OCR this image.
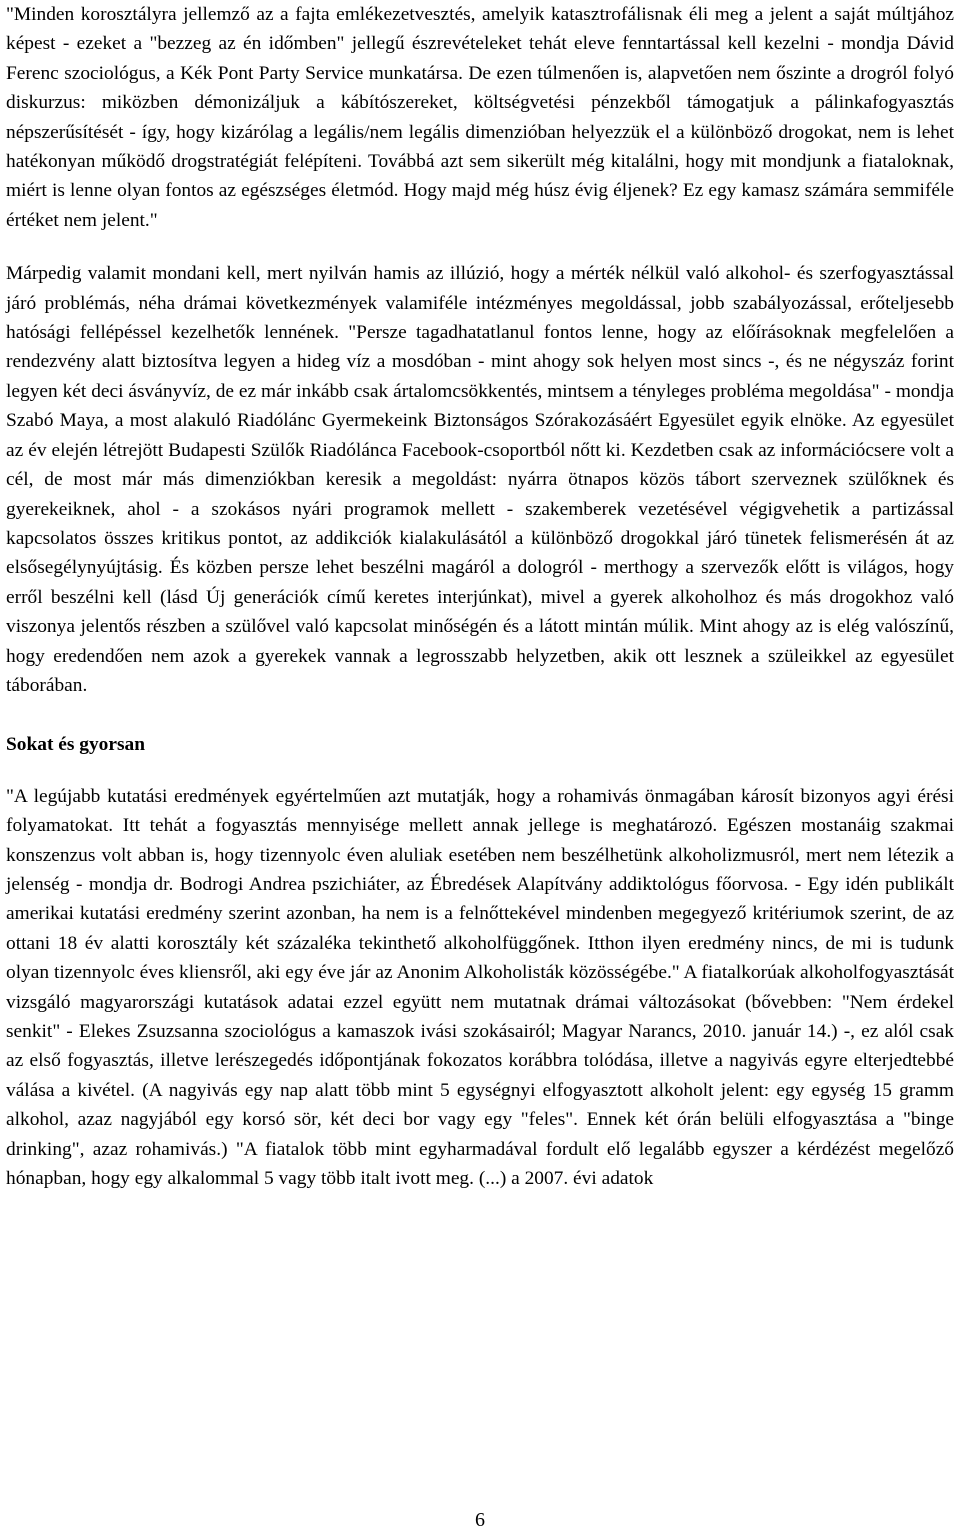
"Minden korosztályra jellemző az a fajta emlékezetvesztés, amelyik katasztrofálisnak éli meg a jelent a saját múltjához képest - ezeket a "bezzeg az én időmben" jellegű észrevételeket tehát eleve fenntartással kell kezelni - mondja Dávid Ferenc szociológus, a Kék Pont Party Service munkatársa. De ezen túlmenően is, alapvetően nem őszinte a drogról folyó diskurzus: miközben démonizáljuk a kábítószereket, költségvetési pénzekből támogatjuk a pálinkafogyasztás népszerűsítését - így, hogy kizárólag a legális/nem legális dimenzióban helyezzük el a különböző drogokat, nem is lehet hatékonyan működő drogstratégiát felépíteni. Továbbá azt sem sikerült még kitalálni, hogy mit mondjunk a fiataloknak, miért is lenne olyan fontos az egészséges életmód. Hogy majd még húsz évig éljenek? Ez egy kamasz számára semmiféle értéket nem jelent."

Márpedig valamit mondani kell, mert nyilván hamis az illúzió, hogy a mérték nélkül való alkohol- és szerfogyasztással járó problémás, néha drámai következmények valamiféle intézményes megoldással, jobb szabályozással, erőteljesebb hatósági fellépéssel kezelhetők lennének. "Persze tagadhatatlanul fontos lenne, hogy az előírásoknak megfelelően a rendezvény alatt biztosítva legyen a hideg víz a mosdóban - mint ahogy sok helyen most sincs -, és ne négyszáz forint legyen két deci ásványvíz, de ez már inkább csak ártalomcsökkentés, mintsem a tényleges probléma megoldása" - mondja Szabó Maya, a most alakuló Riadólánc Gyermekeink Biztonságos Szórakozásáért Egyesület egyik elnöke. Az egyesület az év elején létrejött Budapesti Szülők Riadólánca Facebook-csoportból nőtt ki. Kezdetben csak az információcsere volt a cél, de most már más dimenziókban keresik a megoldást: nyárra ötnapos közös tábort szerveznek szülőknek és gyerekeiknek, ahol - a szokásos nyári programok mellett - szakemberek vezetésével végigvehetik a partizással kapcsolatos összes kritikus pontot, az addikciók kialakulásától a különböző drogokkal járó tünetek felismerésén át az elsősegélynyújtásig. És közben persze lehet beszélni magáról a dologról - merthogy a szervezők előtt is világos, hogy erről beszélni kell (lásd Új generációk című keretes interjúnkat), mivel a gyerek alkoholhoz és más drogokhoz való viszonya jelentős részben a szülővel való kapcsolat minőségén és a látott mintán múlik. Mint ahogy az is elég valószínű, hogy eredendően nem azok a gyerekek vannak a legrosszabb helyzetben, akik ott lesznek a szüleikkel az egyesület táborában.

Sokat és gyorsan

"A legújabb kutatási eredmények egyértelműen azt mutatják, hogy a rohamivás önmagában károsít bizonyos agyi érési folyamatokat. Itt tehát a fogyasztás mennyisége mellett annak jellege is meghatározó. Egészen mostanáig szakmai konszenzus volt abban is, hogy tizennyolc éven aluliak esetében nem beszélhetünk alkoholizmusról, mert nem létezik a jelenség - mondja dr. Bodrogi Andrea pszichiáter, az Ébredések Alapítvány addiktológus főorvosa. - Egy idén publikált amerikai kutatási eredmény szerint azonban, ha nem is a felnőttekével mindenben megegyező kritériumok szerint, de az ottani 18 év alatti korosztály két százaléka tekinthető alkoholfüggőnek. Itthon ilyen eredmény nincs, de mi is tudunk olyan tizennyolc éves kliensről, aki egy éve jár az Anonim Alkoholisták közösségébe." A fiatalkorúak alkoholfogyasztását vizsgáló magyarországi kutatások adatai ezzel együtt nem mutatnak drámai változásokat (bővebben: "Nem érdekel senkit" - Elekes Zsuzsanna szociológus a kamaszok ivási szokásairól; Magyar Narancs, 2010. január 14.) -, ez alól csak az első fogyasztás, illetve lerészegedés időpontjának fokozatos korábbra tolódása, illetve a nagyivás egyre elterjedtebbé válása a kivétel. (A nagyivás egy nap alatt több mint 5 egységnyi elfogyasztott alkoholt jelent: egy egység 15 gramm alkohol, azaz nagyjából egy korsó sör, két deci bor vagy egy "feles". Ennek két órán belüli elfogyasztása a "binge drinking", azaz rohamivás.) "A fiatalok több mint egyharmadával fordult elő legalább egyszer a kérdézést megelőző hónapban, hogy egy alkalommal 5 vagy több italt ivott meg. (...) a 2007. évi adatok

6
